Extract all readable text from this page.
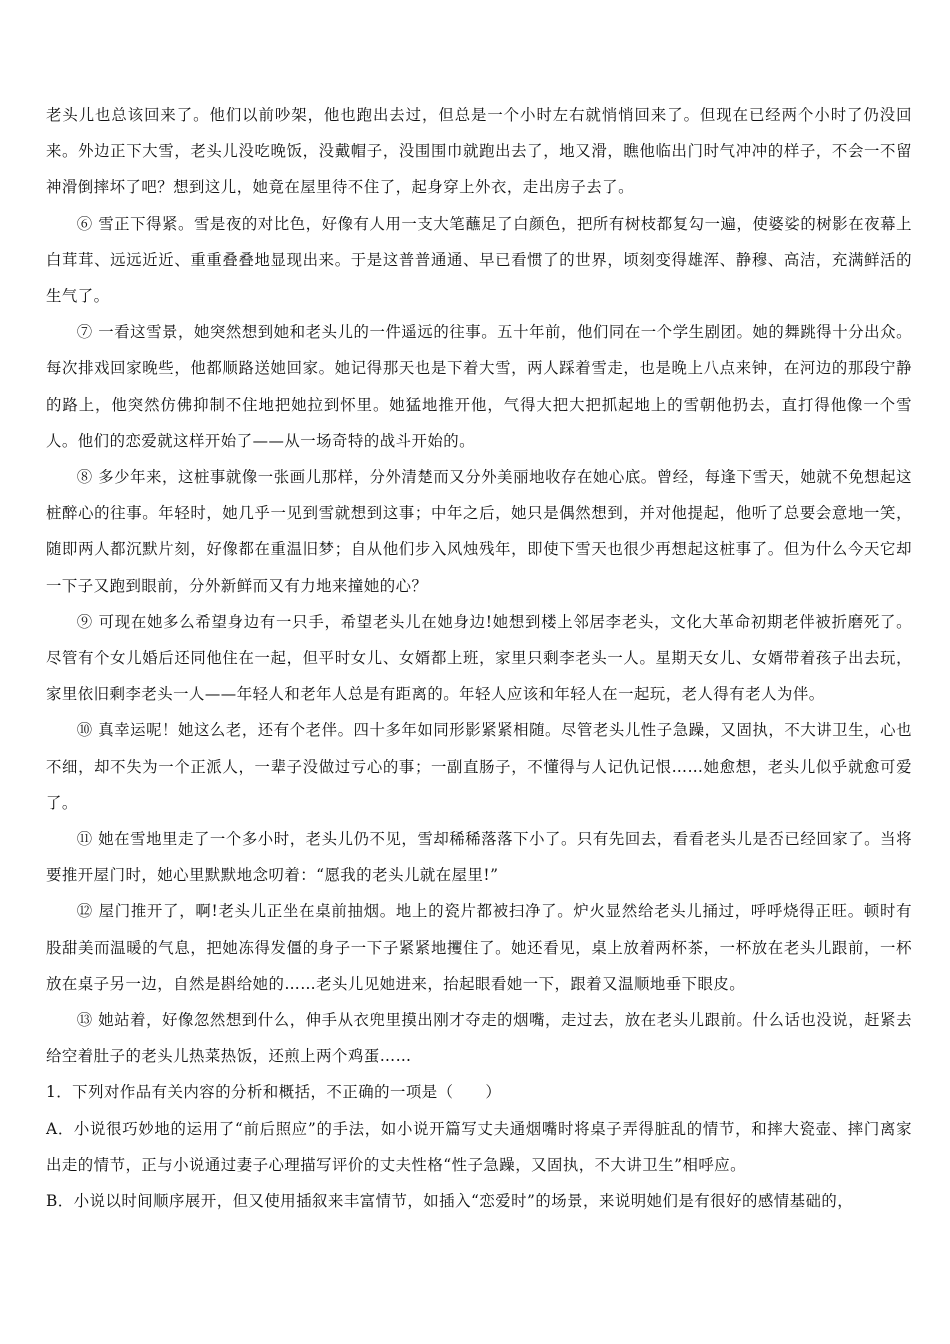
老头儿也总该回来了。他们以前吵架，他也跑出去过，但总是一个小时左右就悄悄回来了。但现在已经两个小时了仍没回来。外边正下大雪，老头儿没吃晚饭，没戴帽子，没围围巾就跑出去了，地又滑，瞧他临出门时气冲冲的样子，不会一不留神滑倒摔坏了吧？想到这儿，她竟在屋里待不住了，起身穿上外衣，走出房子去了。

⑥ 雪正下得紧。雪是夜的对比色，好像有人用一支大笔蘸足了白颜色，把所有树枝都复勾一遍，使婆娑的树影在夜幕上白茸茸、远远近近、重重叠叠地显现出来。于是这普普通通、早已看惯了的世界，顷刻变得雄浑、静穆、高洁，充满鲜活的生气了。

⑦ 一看这雪景，她突然想到她和老头儿的一件遥远的往事。五十年前，他们同在一个学生剧团。她的舞跳得十分出众。每次排戏回家晚些，他都顺路送她回家。她记得那天也是下着大雪，两人踩着雪走，也是晚上八点来钟，在河边的那段宁静的路上，他突然仿佛抑制不住地把她拉到怀里。她猛地推开他，气得大把大把抓起地上的雪朝他扔去，直打得他像一个雪人。他们的恋爱就这样开始了——从一场奇特的战斗开始的。

⑧ 多少年来，这桩事就像一张画儿那样，分外清楚而又分外美丽地收存在她心底。曾经，每逢下雪天，她就不免想起这桩醉心的往事。年轻时，她几乎一见到雪就想到这事；中年之后，她只是偶然想到，并对他提起，他听了总要会意地一笑，随即两人都沉默片刻，好像都在重温旧梦；自从他们步入风烛残年，即使下雪天也很少再想起这桩事了。但为什么今天它却一下子又跑到眼前，分外新鲜而又有力地来撞她的心？

⑨ 可现在她多么希望身边有一只手，希望老头儿在她身边!她想到楼上邻居李老头，文化大革命初期老伴被折磨死了。尽管有个女儿婚后还同他住在一起，但平时女儿、女婿都上班，家里只剩李老头一人。星期天女儿、女婿带着孩子出去玩，家里依旧剩李老头一人——年轻人和老年人总是有距离的。年轻人应该和年轻人在一起玩，老人得有老人为伴。

⑩ 真幸运呢！她这么老，还有个老伴。四十多年如同形影紧紧相随。尽管老头儿性子急躁，又固执，不大讲卫生，心也不细，却不失为一个正派人，一辈子没做过亏心的事；一副直肠子，不懂得与人记仇记恨……她愈想，老头儿似乎就愈可爱了。

⑪ 她在雪地里走了一个多小时，老头儿仍不见，雪却稀稀落落下小了。只有先回去，看看老头儿是否已经回家了。当将要推开屋门时，她心里默默地念叨着：“愿我的老头儿就在屋里!”

⑫ 屋门推开了，啊!老头儿正坐在桌前抽烟。地上的瓷片都被扫净了。炉火显然给老头儿捅过，呼呼烧得正旺。顿时有股甜美而温暖的气息，把她冻得发僵的身子一下子紧紧地攫住了。她还看见，桌上放着两杯茶，一杯放在老头儿跟前，一杯放在桌子另一边，自然是斟给她的……老头儿见她进来，抬起眼看她一下，跟着又温顺地垂下眼皮。

⑬ 她站着，好像忽然想到什么，伸手从衣兜里摸出刚才夺走的烟嘴，走过去，放在老头儿跟前。什么话也没说，赶紧去给空着肚子的老头儿热菜热饭，还煎上两个鸡蛋……

1．下列对作品有关内容的分析和概括，不正确的一项是（　　）

A．小说很巧妙地的运用了“前后照应”的手法，如小说开篇写丈夫通烟嘴时将桌子弄得脏乱的情节，和摔大瓷壶、摔门离家出走的情节，正与小说通过妻子心理描写评价的丈夫性格“性子急躁，又固执，不大讲卫生”相呼应。

B．小说以时间顺序展开，但又使用插叙来丰富情节，如插入“恋爱时”的场景，来说明她们是有很好的感情基础的，
